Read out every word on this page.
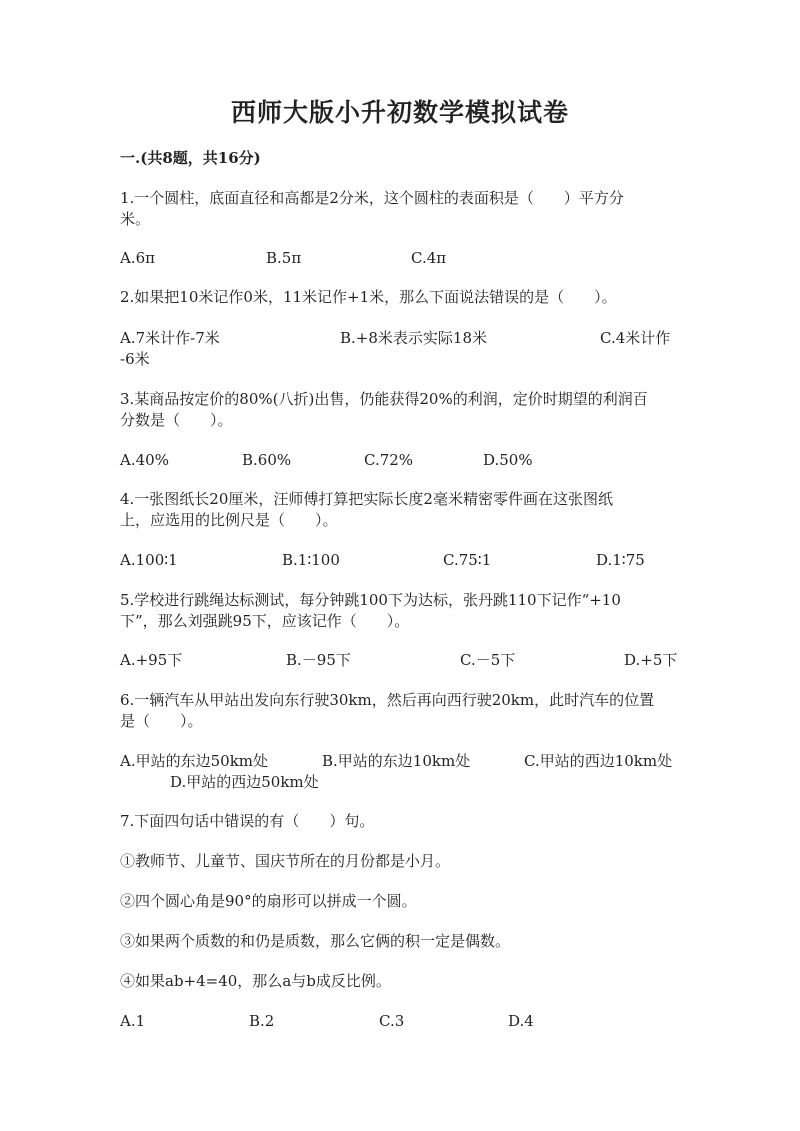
西师大版小升初数学模拟试卷
一.(共8题，共16分)
1.一个圆柱，底面直径和高都是2分米，这个圆柱的表面积是（　　）平方分
米。
A.6π	B.5π	C.4π
2.如果把10米记作0米，11米记作+1米，那么下面说法错误的是（　　）。
A.7米计作-7米	B.+8米表示实际18米	C.4米计作
-6米
3.某商品按定价的80%(八折)出售，仍能获得20%的利润，定价时期望的利润百
分数是（　　）。
A.40%	B.60%	C.72%	D.50%
4.一张图纸长20厘米，汪师傅打算把实际长度2毫米精密零件画在这张图纸
上，应选用的比例尺是（　　）。
A.100∶1	B.1∶100	C.75∶1	D.1∶75
5.学校进行跳绳达标测试，每分钟跳100下为达标，张丹跳110下记作“+10
下”，那么刘强跳95下，应该记作（　　）。
A.+95下	B.－95下	C.－5下	D.+5下
6.一辆汽车从甲站出发向东行驶30km，然后再向西行驶20km，此时汽车的位置
是（　　）。
A.甲站的东边50km处	B.甲站的东边10km处	C.甲站的西边10km处
D.甲站的西边50km处
7.下面四句话中错误的有（　　）句。
①教师节、儿童节、国庆节所在的月份都是小月。
②四个圆心角是90°的扇形可以拼成一个圆。
③如果两个质数的和仍是质数，那么它俩的积一定是偶数。
④如果ab+4=40，那么a与b成反比例。
A.1	B.2	C.3	D.4
